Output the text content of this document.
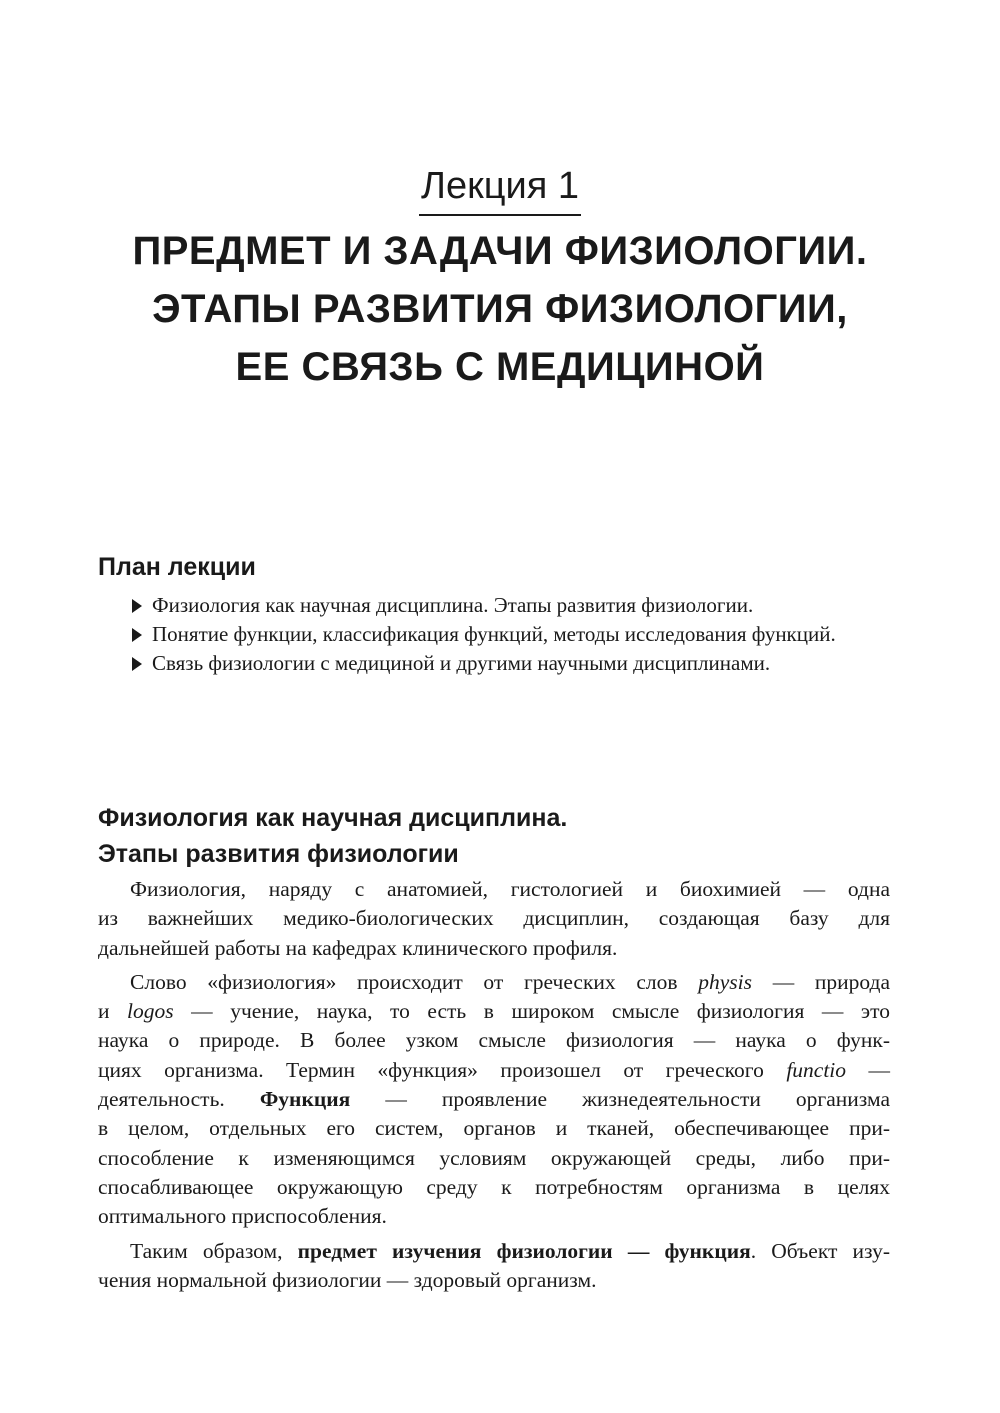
Лекция 1
ПРЕДМЕТ И ЗАДАЧИ ФИЗИОЛОГИИ.
ЭТАПЫ РАЗВИТИЯ ФИЗИОЛОГИИ,
ЕЕ СВЯЗЬ С МЕДИЦИНОЙ
План лекции
Физиология как научная дисциплина. Этапы развития физиологии.
Понятие функции, классификация функций, методы исследования функций.
Связь физиологии с медициной и другими научными дисциплинами.
Физиология как научная дисциплина.
Этапы развития физиологии

Физиология, наряду с анатомией, гистологией и биохимией — одна
из важнейших медико-биологических дисциплин, создающая базу для
дальнейшей работы на кафедрах клинического профиля.

Слово «физиология» происходит от греческих слов physis — природа
и logos — учение, наука, то есть в широком смысле физиология — это
наука о природе. В более узком смысле физиология — наука о функ-
циях организма. Термин «функция» произошел от греческого functio —
деятельность. Функция — проявление жизнедеятельности организма
в целом, отдельных его систем, органов и тканей, обеспечивающее при-
способление к изменяющимся условиям окружающей среды, либо при-
спосабливающее окружающую среду к потребностям организма в целях
оптимального приспособления.

Таким образом, предмет изучения физиологии — функция. Объект изу-
чения нормальной физиологии — здоровый организм.
